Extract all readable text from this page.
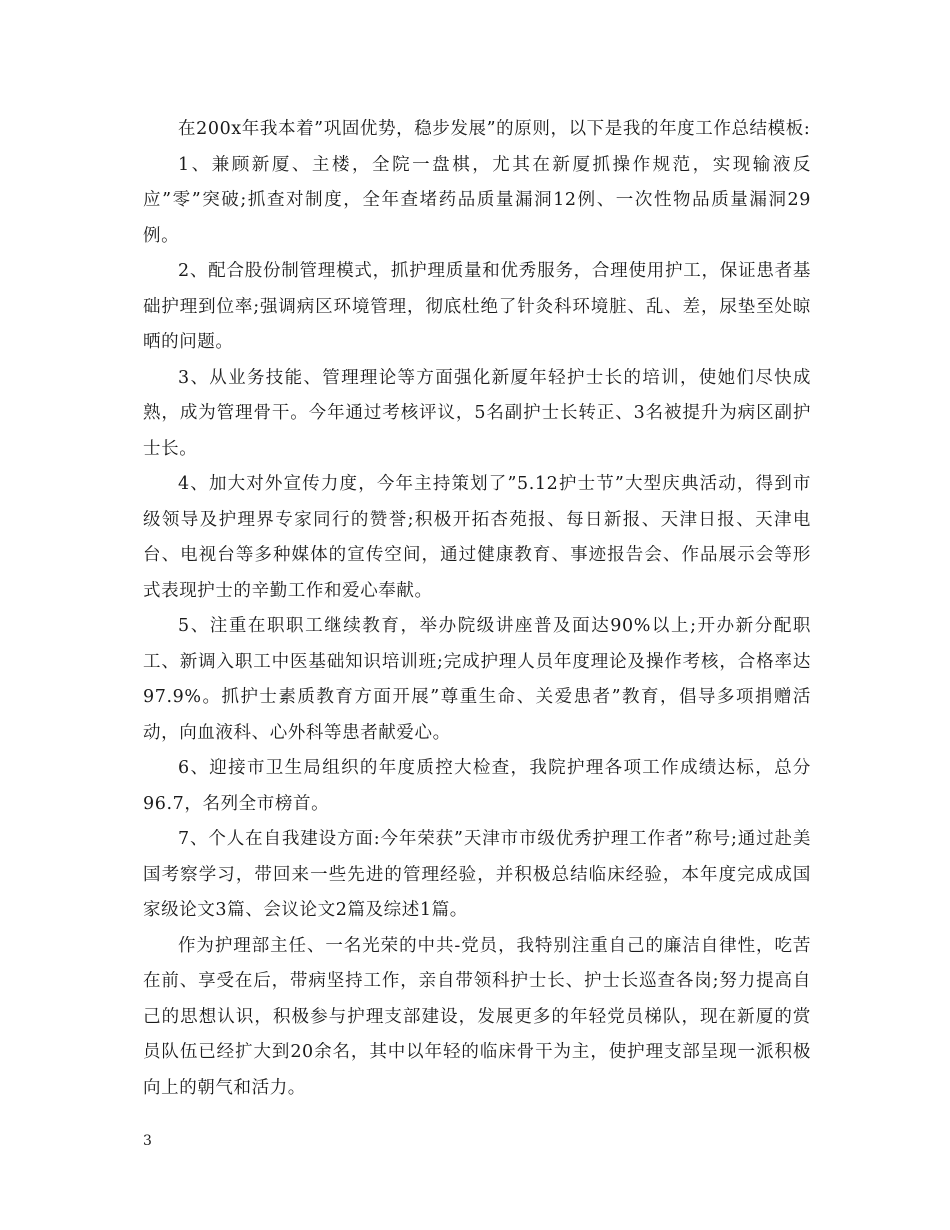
在200x年我本着”巩固优势，稳步发展”的原则，以下是我的年度工作总结模板:

1、兼顾新厦、主楼，全院一盘棋，尤其在新厦抓操作规范，实现输液反应”零”突破;抓查对制度，全年查堵药品质量漏洞12例、一次性物品质量漏洞29例。

2、配合股份制管理模式，抓护理质量和优秀服务，合理使用护工，保证患者基础护理到位率;强调病区环境管理，彻底杜绝了针灸科环境脏、乱、差，尿垫至处晾晒的问题。

3、从业务技能、管理理论等方面强化新厦年轻护士长的培训，使她们尽快成熟，成为管理骨干。今年通过考核评议，5名副护士长转正、3名被提升为病区副护士长。

4、加大对外宣传力度，今年主持策划了”5.12护士节”大型庆典活动，得到市级领导及护理界专家同行的赞誉;积极开拓杏苑报、每日新报、天津日报、天津电台、电视台等多种媒体的宣传空间，通过健康教育、事迹报告会、作品展示会等形式表现护士的辛勤工作和爱心奉献。

5、注重在职职工继续教育，举办院级讲座普及面达90%以上;开办新分配职工、新调入职工中医基础知识培训班;完成护理人员年度理论及操作考核，合格率达97.9%。抓护士素质教育方面开展”尊重生命、关爱患者”教育，倡导多项捐赠活动，向血液科、心外科等患者献爱心。

6、迎接市卫生局组织的年度质控大检查，我院护理各项工作成绩达标，总分96.7，名列全市榜首。

7、个人在自我建设方面:今年荣获”天津市市级优秀护理工作者”称号;通过赴美国考察学习，带回来一些先进的管理经验，并积极总结临床经验，本年度完成成国家级论文3篇、会议论文2篇及综述1篇。

作为护理部主任、一名光荣的中共-党员，我特别注重自己的廉洁自律性，吃苦在前、享受在后，带病坚持工作，亲自带领科护士长、护士长巡查各岗;努力提高自己的思想认识，积极参与护理支部建设，发展更多的年轻党员梯队，现在新厦的赏员队伍已经扩大到20余名，其中以年轻的临床骨干为主，使护理支部呈现一派积极向上的朝气和活力。

3
